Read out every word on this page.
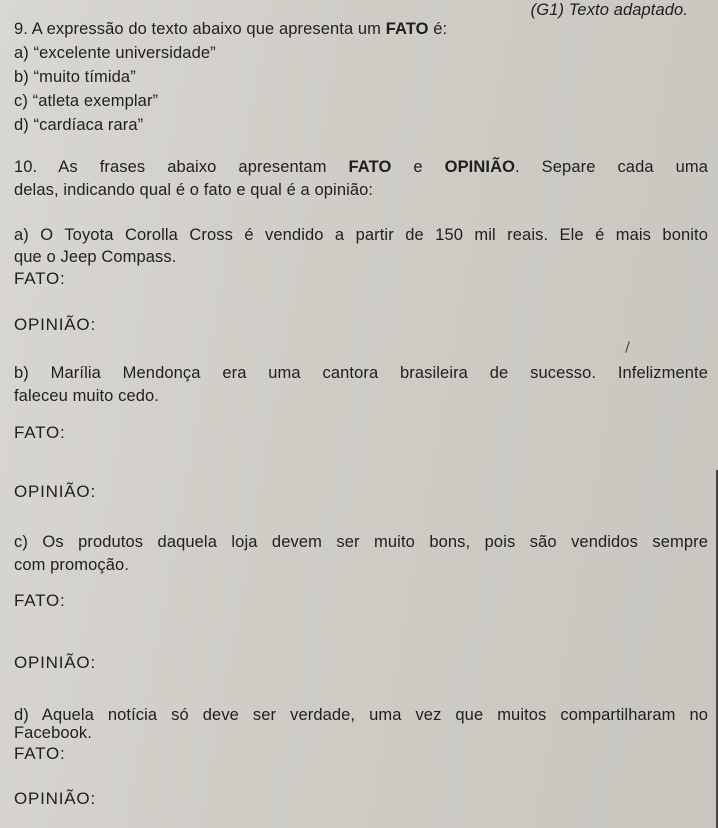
(G1) Texto adaptado.
9. A expressão do texto abaixo que apresenta um FATO é:
a) “excelente universidade”
b) “muito tímida”
c) “atleta exemplar”
d) “cardíaca rara”
10. As frases abaixo apresentam FATO e OPINIÃO. Separe cada uma
delas, indicando qual é o fato e qual é a opinião:
a) O Toyota Corolla Cross é vendido a partir de 150 mil reais. Ele é mais bonito
que o Jeep Compass.
FATO:
OPINIÃO:
b) Marília Mendonça era uma cantora brasileira de sucesso. Infelizmente
faleceu muito cedo.
FATO:
OPINIÃO:
c) Os produtos daquela loja devem ser muito bons, pois são vendidos sempre
com promoção.
FATO:
OPINIÃO:
d) Aquela notícia só deve ser verdade, uma vez que muitos compartilharam no
Facebook.
FATO:
OPINIÃO:
